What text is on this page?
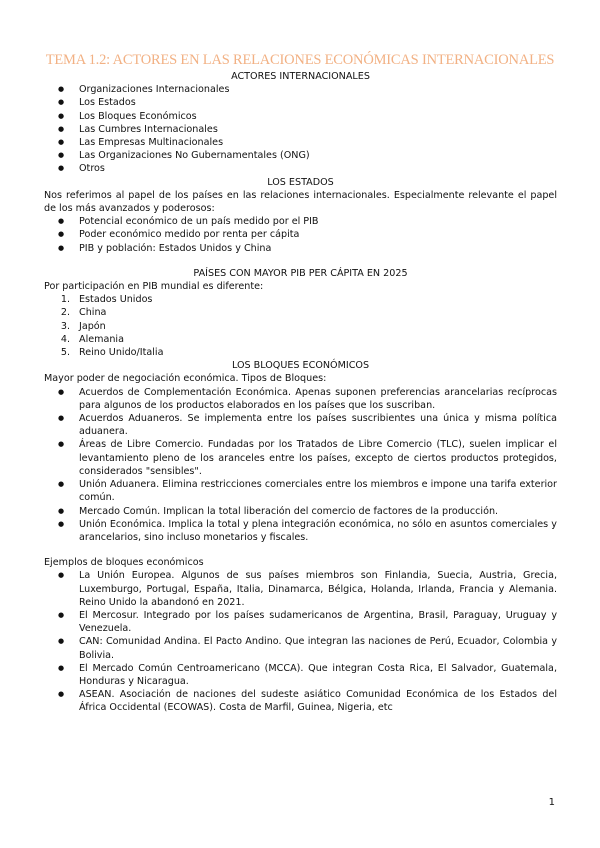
TEMA 1.2: ACTORES EN LAS RELACIONES ECONÓMICAS INTERNACIONALES

ACTORES INTERNACIONALES

● Organizaciones Internacionales
● Los Estados
● Los Bloques Económicos
● Las Cumbres Internacionales
● Las Empresas Multinacionales
● Las Organizaciones No Gubernamentales (ONG)
● Otros

LOS ESTADOS

Nos referimos al papel de los países en las relaciones internacionales. Especialmente relevante el papel de los más avanzados y poderosos:

● Potencial económico de un país medido por el PIB
● Poder económico medido por renta per cápita
● PIB y población: Estados Unidos y China

PAÍSES CON MAYOR PIB PER CÁPITA EN 2025

Por participación en PIB mundial es diferente:

1. Estados Unidos
2. China
3. Japón
4. Alemania
5. Reino Unido/Italia

LOS BLOQUES ECONÓMICOS

Mayor poder de negociación económica. Tipos de Bloques:

● Acuerdos de Complementación Económica. Apenas suponen preferencias arancelarias recíprocas para algunos de los productos elaborados en los países que los suscriban.
● Acuerdos Aduaneros. Se implementa entre los países suscribientes una única y misma política aduanera.
● Áreas de Libre Comercio. Fundadas por los Tratados de Libre Comercio (TLC), suelen implicar el levantamiento pleno de los aranceles entre los países, excepto de ciertos productos protegidos, considerados "sensibles".
● Unión Aduanera. Elimina restricciones comerciales entre los miembros e impone una tarifa exterior común.
● Mercado Común. Implican la total liberación del comercio de factores de la producción.
● Unión Económica. Implica la total y plena integración económica, no sólo en asuntos comerciales y arancelarios, sino incluso monetarios y fiscales.

Ejemplos de bloques económicos

● La Unión Europea. Algunos de sus países miembros son Finlandia, Suecia, Austria, Grecia, Luxemburgo, Portugal, España, Italia, Dinamarca, Bélgica, Holanda, Irlanda, Francia y Alemania. Reino Unido la abandonó en 2021.
● El Mercosur. Integrado por los países sudamericanos de Argentina, Brasil, Paraguay, Uruguay y Venezuela.
● CAN: Comunidad Andina. El Pacto Andino. Que integran las naciones de Perú, Ecuador, Colombia y Bolivia.
● El Mercado Común Centroamericano (MCCA). Que integran Costa Rica, El Salvador, Guatemala, Honduras y Nicaragua.
● ASEAN. Asociación de naciones del sudeste asiático Comunidad Económica de los Estados del África Occidental (ECOWAS). Costa de Marfil, Guinea, Nigeria, etc
1
